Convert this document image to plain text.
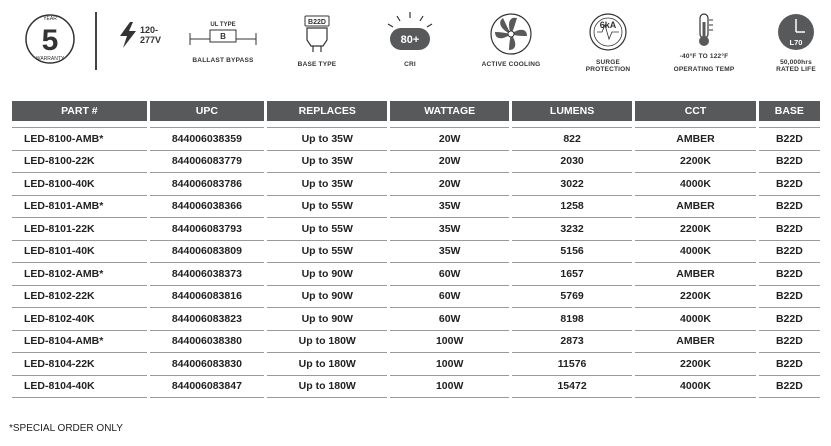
5
YEAR
WARRANTY
120-
277V
UL TYPE
B
BALLAST BYPASS
B22D
BASE TYPE
80+
CRI	ACTIVE COOLING
6kA
SURGE
PROTECTION
-40°F TO 122°F
OPERATING TEMP
L70
50,000hrs
RATED LIFE
PART #	UPC	REPLACES	WATTAGE	LUMENS	CCT	BASE

LED-8100-AMB*	844006038359	Up to 35W	20W	822	AMBER	B22D
LED-8100-22K	844006083779	Up to 35W	20W	2030	2200K	B22D
LED-8100-40K	844006083786	Up to 35W	20W	3022	4000K	B22D
LED-8101-AMB*	844006038366	Up to 55W	35W	1258	AMBER	B22D
LED-8101-22K	844006083793	Up to 55W	35W	3232	2200K	B22D
LED-8101-40K	844006083809	Up to 55W	35W	5156	4000K	B22D
LED-8102-AMB*	844006038373	Up to 90W	60W	1657	AMBER	B22D
LED-8102-22K	844006083816	Up to 90W	60W	5769	2200K	B22D
LED-8102-40K	844006083823	Up to 90W	60W	8198	4000K	B22D
LED-8104-AMB*	844006038380	Up to 180W	100W	2873	AMBER	B22D
LED-8104-22K	844006083830	Up to 180W	100W	11576	2200K	B22D
LED-8104-40K	844006083847	Up to 180W	100W	15472	4000K	B22D
*SPECIAL ORDER ONLY
